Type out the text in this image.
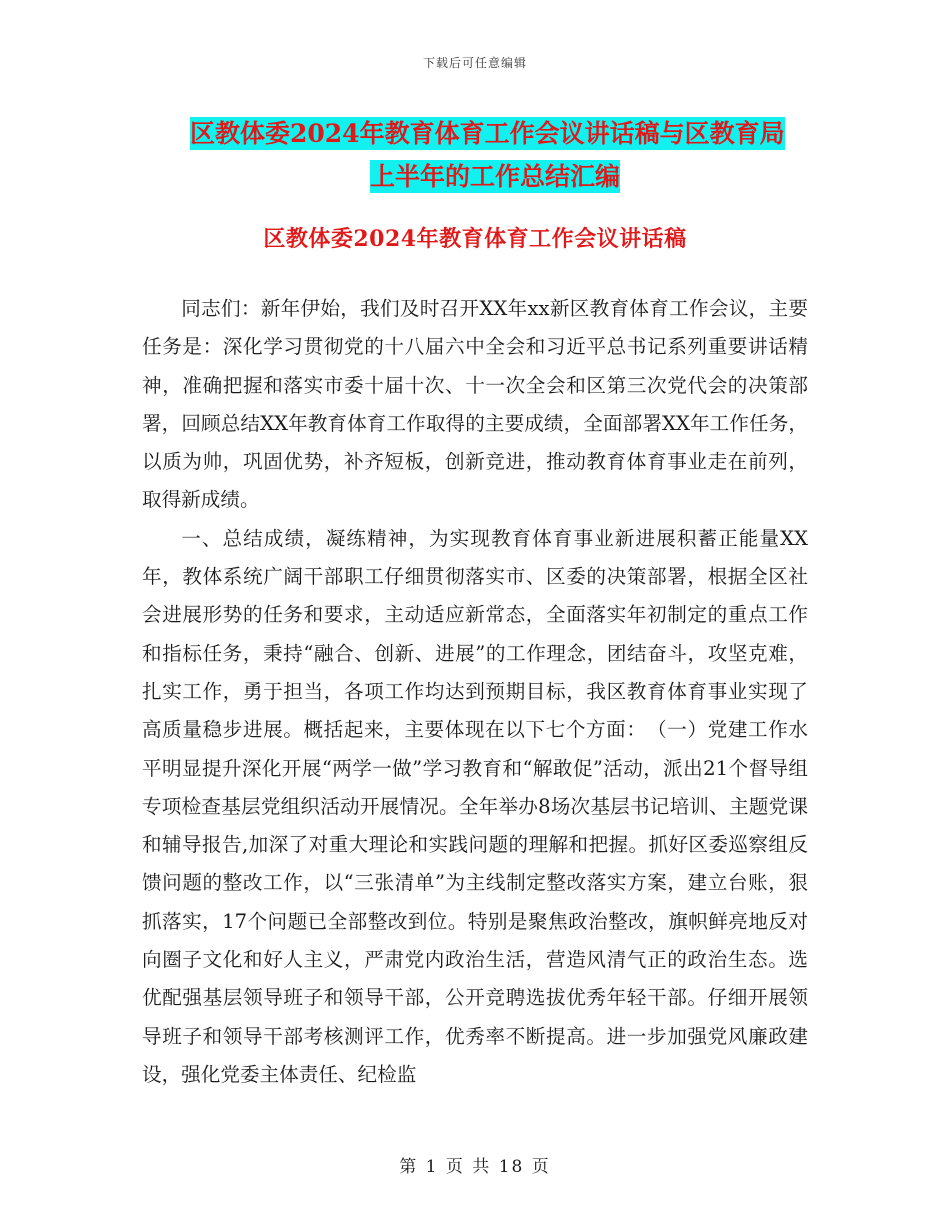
下载后可任意编辑
区教体委2024年教育体育工作会议讲话稿与区教育局
上半年的工作总结汇编
区教体委2024年教育体育工作会议讲话稿

同志们：新年伊始，我们及时召开XX年xx新区教育体育工作会议，主要任务是：深化学习贯彻党的十八届六中全会和习近平总书记系列重要讲话精神，准确把握和落实市委十届十次、十一次全会和区第三次党代会的决策部署，回顾总结XX年教育体育工作取得的主要成绩，全面部署XX年工作任务，以质为帅，巩固优势，补齐短板，创新竞进，推动教育体育事业走在前列，取得新成绩。

一、总结成绩，凝练精神，为实现教育体育事业新进展积蓄正能量XX年，教体系统广阔干部职工仔细贯彻落实市、区委的决策部署，根据全区社会进展形势的任务和要求，主动适应新常态，全面落实年初制定的重点工作和指标任务，秉持“融合、创新、进展”的工作理念，团结奋斗，攻坚克难，扎实工作，勇于担当，各项工作均达到预期目标，我区教育体育事业实现了高质量稳步进展。概括起来，主要体现在以下七个方面：　（一）党建工作水平明显提升深化开展“两学一做”学习教育和“解敢促”活动，派出21个督导组专项检查基层党组织活动开展情况。全年举办8场次基层书记培训、主题党课和辅导报告,加深了对重大理论和实践问题的理解和把握。抓好区委巡察组反馈问题的整改工作，以“三张清单”为主线制定整改落实方案，建立台账，狠抓落实，17个问题已全部整改到位。特别是聚焦政治整改，旗帜鲜亮地反对向圈子文化和好人主义，严肃党内政治生活，营造风清气正的政治生态。选优配强基层领导班子和领导干部，公开竞聘选拔优秀年轻干部。仔细开展领导班子和领导干部考核测评工作，优秀率不断提高。进一步加强党风廉政建设，强化党委主体责任、纪检监

第 1 页 共 18 页
